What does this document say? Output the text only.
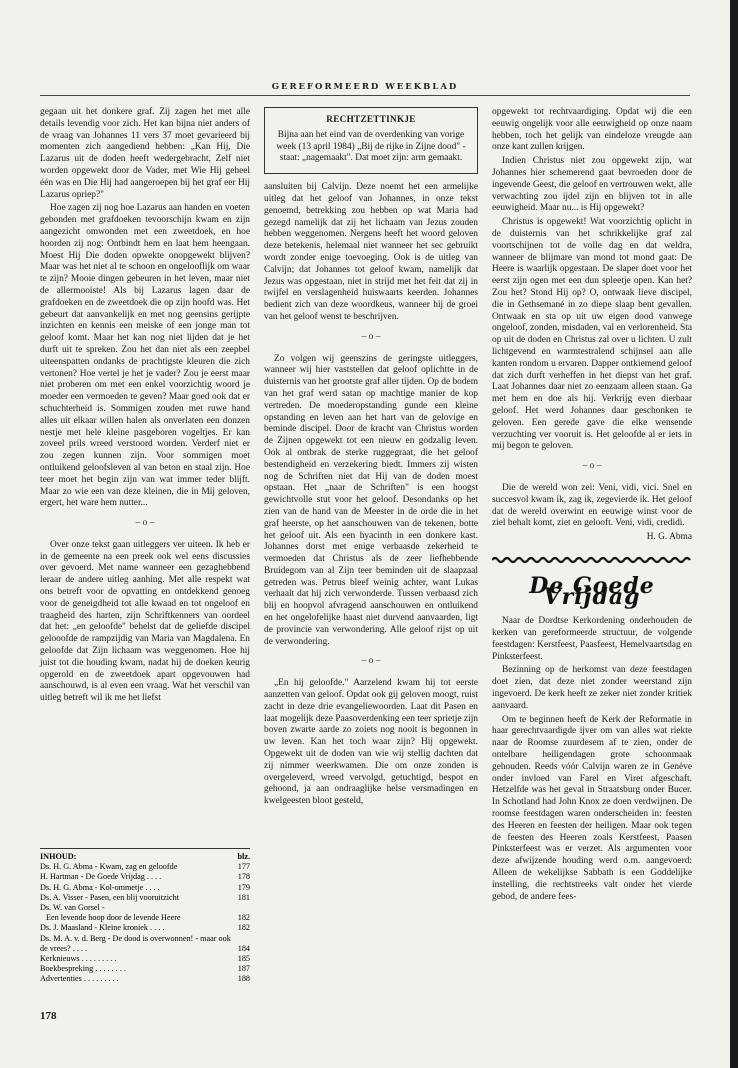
GEREFORMEERD WEEKBLAD

gegaan uit het donkere graf. Zij zagen het met alle details levendig voor zich. Het kan bijna niet anders of de vraag van Johannes 11 vers 37 moet gevarieerd bij momenten zich aangediend hebben: „Kan Hij, Die Lazarus uit de doden heeft wedergebracht, Zelf niet worden opgewekt door de Vader, met Wie Hij geheel één was en Die Hij had aangeroepen bij het graf eer Hij Lazarus opriep?"

Hoe zagen zij nog hoe Lazarus aan handen en voeten gebonden met grafdoeken tevoorschijn kwam en zijn aangezicht omwonden met een zweetdoek, en hoe hoorden zij nog: Ontbindt hem en laat hem heengaan. Moest Hij Die doden opwekte onopgewekt blijven? Maar was het niet al te schoon en ongelooflijk om waar te zijn? Mooie dingen gebeuren in het leven, maar niet de allermooiste! Als bij Lazarus lagen daar de grafdoeken en de zweetdoek die op zijn hoofd was. Het gebeurt dat aanvankelijk en met nog geensins gerijpte inzichten en kennis een meiske of een jonge man tot geloof komt. Maar het kan nog niet lijden dat je het durft uit te spreken. Zou het dan niet als een zeepbel uiteenspatten ondanks de prachtigste kleuren die zich vertonen? Hoe vertel je het je vader? Zou je eerst maar niet proberen om met een enkel voorzichtig woord je moeder een vermoeden te geven? Maar goed ook dat er schuchterheid is. Sommigen zouden met ruwe hand alles uit elkaar willen halen als onverlaten een donzen nestje met hele kleine pasgeboren vogeltjes. Er kan zoveel prils wreed verstoord worden. Verderf niet er zou zegen kunnen zijn. Voor sommigen moet ontluikend geloofsleven al van beton en staal zijn. Hoe teer moet het begin zijn van wat immer teder blijft. Maar zo wie een van deze kleinen, die in Mij geloven, ergert, het ware hem nutter...

– o –

Over onze tekst gaan uitleggers ver uiteen. Ik heb er in de gemeente na een preek ook wel eens discussies over gevoerd. Met name wanneer een gezaghebbend leraar de andere uitleg aanhing. Met alle respekt wat ons betreft voor de opvatting en ontdekkend genoeg voor de geneigdheid tot alle kwaad en tot ongeloof en traagheid des harten, zijn Schriftkenners van oordeel dat het: „en geloofde" behelst dat de geliefde discipel gelooofde de rampzijdig van Maria van Magdalena. En geloofde dat Zijn lichaam was weggenomen. Hoe hij juist tot die houding kwam, nadat hij de doeken keurig opgerold en de zweetdoek apart opgevouwen had aanschouwd, is al even een vraag. Wat het verschil van uitleg betreft wil ik me het liefst

INHOUD:	blz.
Ds. H. G. Abma - Kwam, zag en geloofde	177
H. Hartman - De Goede Vrijdag . . . .	178
Ds. H. G. Abma - Kol-ommetje . . . .	179
Ds. A. Visser - Pasen, een blij vooruitzicht	181
Ds. W. van Gorsel -
Een levende hoop door de levende Heere	182
Ds. J. Maasland - Kleine kroniek . . . .	182
Ds. M. A. v. d. Berg - De dood is overwonnen! - maar ook de vrees? . . . .	184
Kerknieuws . . . . . . . . .	185
Boekbespreking . . . . . . . .	187
Advertenties . . . . . . . . .	188
178
RECHTZETTINKJE
Bijna aan het eind van de overdenking van vorige week (13 april 1984) „Bij de rijke in Zijne dood" - staat: „nagemaakt". Dat moet zijn: arm gemaakt.

aansluiten bij Calvijn. Deze noemt het een armelijke uitleg dat het geloof van Johannes, in onze tekst genoemd, betrekking zou hebben op wat Maria had gezegd namelijk dat zij het lichaam van Jezus zouden hebben weggenomen. Nergens heeft het woord geloven deze betekenis, helemaal niet wanneer het sec gebruikt wordt zonder enige toevoeging. Ook is de uitleg van Calvijn; dat Johannes tot geloof kwam, namelijk dat Jezus was opgestaan, niet in strijd met het feit dat zij in twijfel en verslagenheid huiswaarts keerden. Johannes bedient zich van deze woordkeus, wanneer hij de groei van het geloof wenst te beschrijven.

– o –

Zo volgen wij geenszins de geringste uitleggers, wanneer wij hier vaststellen dat geloof oplichtte in de duisternis van het grootste graf aller tijden. Op de bodem van het graf werd satan op machtige manier de kop vertreden. De moederopstanding gunde een kleine opstanding en leven aan het hart van de gelovige en beminde discipel. Door de kracht van Christus worden de Zijnen opgewekt tot een nieuw en godzalig leven. Ook al ontbrak de sterke ruggegraat, die het geloof bestendigheid en verzekering biedt. Immers zij wisten nog de Schriften niet dat Hij van de doden moest opstaan. Het „naar de Schriften" is een hoogst gewichtvolle stut voor het geloof. Desondanks op het zien van de hand van de Meester in de orde die in het graf heerste, op het aanschouwen van de tekenen, botte het geloof uit. Als een hyacinth in een donkere kast. Johannes dorst met enige verbaasde zekerheid te vermoeden dat Christus als de zeer liefhebbende Bruidegom van al Zijn teer beminden uit de slaapzaal getreden was. Petrus bleef weinig achter, want Lukas verhaalt dat hij zich verwonderde. Tussen verbaasd zich blij en hoopvol afvragend aanschouwen en ontluikend en het ongelofelijke haast niet durvend aanvaarden, ligt de provincie van verwondering. Alle geloof rijst op uit de verwondering.

– o –

„En hij geloofde." Aarzelend kwam hij tot eerste aanzetten van geloof. Opdat ook gij geloven moogt, ruist zacht in deze drie evangeliewoorden. Laat dit Pasen en laat mogelijk deze Paasoverdenking een teer sprietje zijn boven zwarte aarde zo zoiets nog nooit is begonnen in uw leven. Kan het toch waar zijn? Hij opgewekt. Opgewekt uit de doden van wie wij stellig dachten dat zij nimmer weerkwamen. Die om onze zonden is overgeleverd, wreed vervolgd, getuchtigd, bespot en gehoond, ja aan ondraaglijke helse versmadingen en kwelgeesten bloot gesteld,

opgewekt tot rechtvaardiging. Opdat wij die een eeuwig ongelijk voor alle eeuwigheid op onze naam hebben, toch het gelijk van eindeloze vreugde aan onze kant zullen krijgen.

Indien Christus niet zou opgewekt zijn, wat Johannes hier schemerend gaat bevroeden door de ingevende Geest, die geloof en vertrouwen wekt, alle verwachting zou ijdel zijn en blijven tot in alle eeuwigheid. Maar nu... is Hij opgewekt?

Christus is opgewekt! Wat voorzichtig oplicht in de duisternis van het schrikkelijke graf zal voortschijnen tot de volle dag en dat weldra, wanneer de blijmare van mond tot mond gaat: De Heere is waarlijk opgestaan. De slaper doet voor het eerst zijn ogen met een dun spleetje open. Kan het? Zou het? Stond Hij op? O, ontwaak lieve discipel, die in Gethsemané in zo diepe slaap bent gevallen. Ontwaak en sta op uit uw eigen dood vanwege ongeloof, zonden, misdaden, val en verlorenheid. Sta op uit de doden en Christus zal over u lichten. U zult lichtgevend en warmtestralend schijnsel aan alle kanten rondom u ervaren. Dapper ontkiemend geloof dat zich durft verheffen in het diepst van het graf. Laat Johannes daar niet zo eenzaam alleen staan. Ga met hem en doe als hij. Verkrijg even dierbaar geloof. Het werd Johannes daar geschonken te geloven. Een gerede gave die elke wensende verzuchting ver vooruit is. Het geloofde al er iets in mij begon te geloven.

– o –

Die de wereld won zei: Veni, vidi, vici. Snel en succesvol kwam ik, zag ik, zegevierde ik. Het geloof dat de wereld overwint en eeuwige winst voor de ziel behalt komt, ziet en gelooft. Veni, vidi, credidi.

H. G. Abma
De Goede Vrijdag

Naar de Dordtse Kerkordening onderhouden de kerken van gereformeerde structuur, de volgende feestdagen: Kerstfeest, Paasfeest, Hemelvaartsdag en Pinksterfeest.

Bezinning op de herkomst van deze feestdagen doet zien, dat deze niet zonder weerstand zijn ingevoerd. De kerk heeft ze zeker niet zonder kritiek aanvaard.

Om te beginnen heeft de Kerk der Reformatie in haar gerechtvaardigde ijver om van alles wat riekte naar de Roomse zuurdesem af te zien, onder de ontelbare heiligendagen grote schoonmaak gehouden. Reeds vóór Calvijn waren ze in Genève onder invloed van Farel en Viret afgeschaft. Hetzelfde was het geval in Straatsburg onder Bucer. In Schotland had John Knox ze doen verdwijnen. De roomse feestdagen waren onderscheiden in: feesten des Heeren en feesten der heiligen. Maar ook tegen de feesten des Heeren zoals Kerstfeest, Paasen Pinksterfeest was er verzet. Als argumenten voor deze afwijzende houding werd o.m. aangevoerd: Alleen de wekelijkse Sabbath is een Goddelijke instelling, die rechtstreeks valt onder het vierde gebod, de andere fees-
